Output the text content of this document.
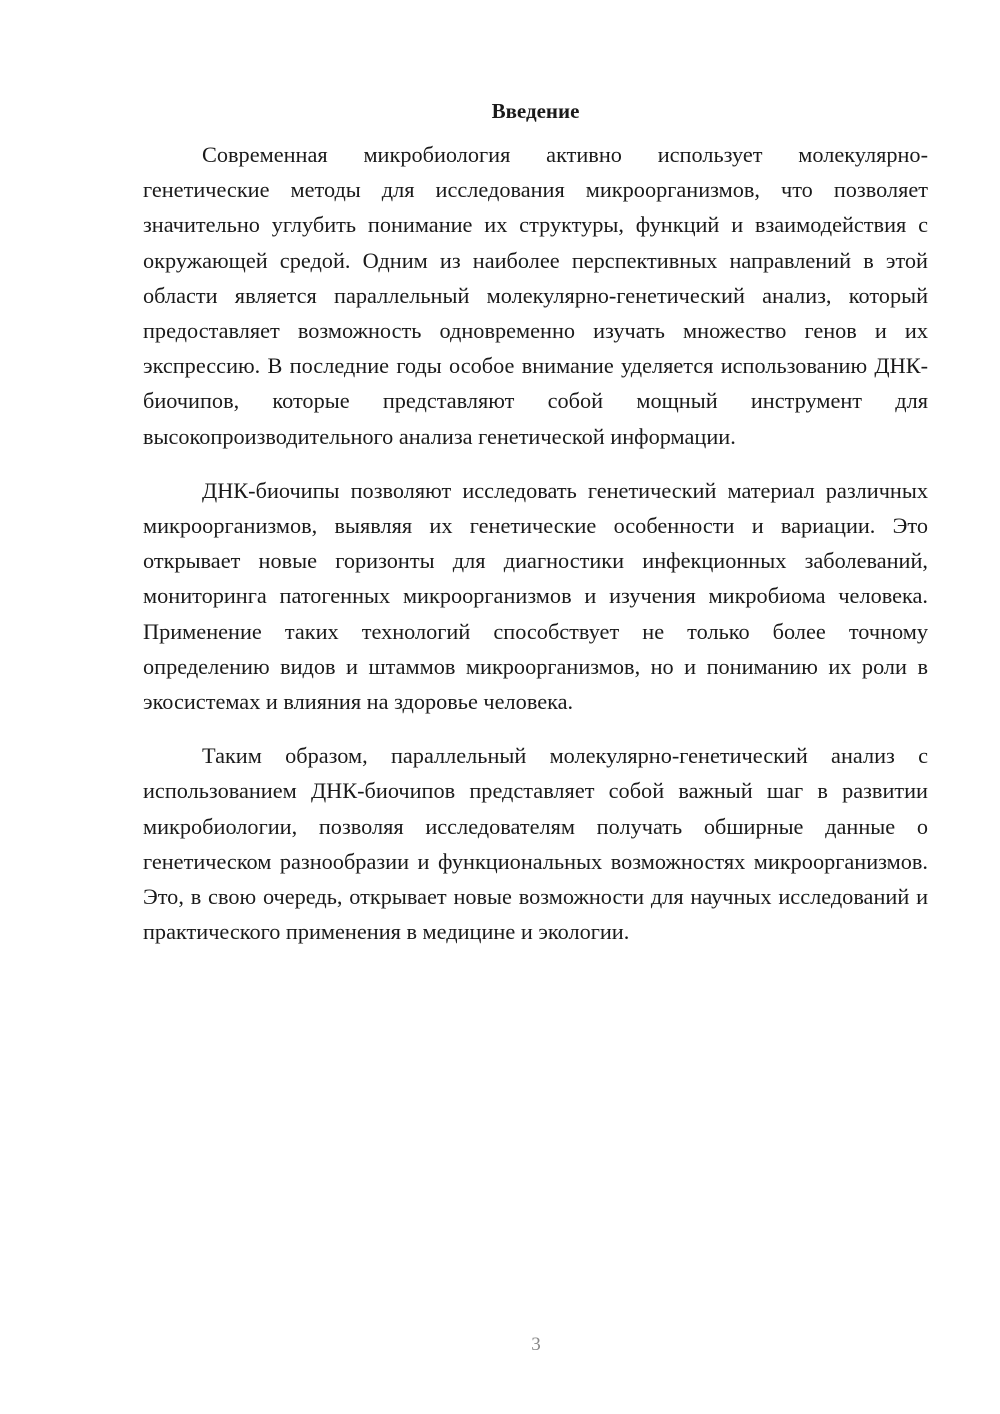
Введение

Современная микробиология активно использует молекулярно-генетические методы для исследования микроорганизмов, что позволяет значительно углубить понимание их структуры, функций и взаимодействия с окружающей средой. Одним из наиболее перспективных направлений в этой области является параллельный молекулярно-генетический анализ, который предоставляет возможность одновременно изучать множество генов и их экспрессию. В последние годы особое внимание уделяется использованию ДНК-биочипов, которые представляют собой мощный инструмент для высокопроизводительного анализа генетической информации.

ДНК-биочипы позволяют исследовать генетический материал различных микроорганизмов, выявляя их генетические особенности и вариации. Это открывает новые горизонты для диагностики инфекционных заболеваний, мониторинга патогенных микроорганизмов и изучения микробиома человека. Применение таких технологий способствует не только более точному определению видов и штаммов микроорганизмов, но и пониманию их роли в экосистемах и влияния на здоровье человека.

Таким образом, параллельный молекулярно-генетический анализ с использованием ДНК-биочипов представляет собой важный шаг в развитии микробиологии, позволяя исследователям получать обширные данные о генетическом разнообразии и функциональных возможностях микроорганизмов. Это, в свою очередь, открывает новые возможности для научных исследований и практического применения в медицине и экологии.

3
